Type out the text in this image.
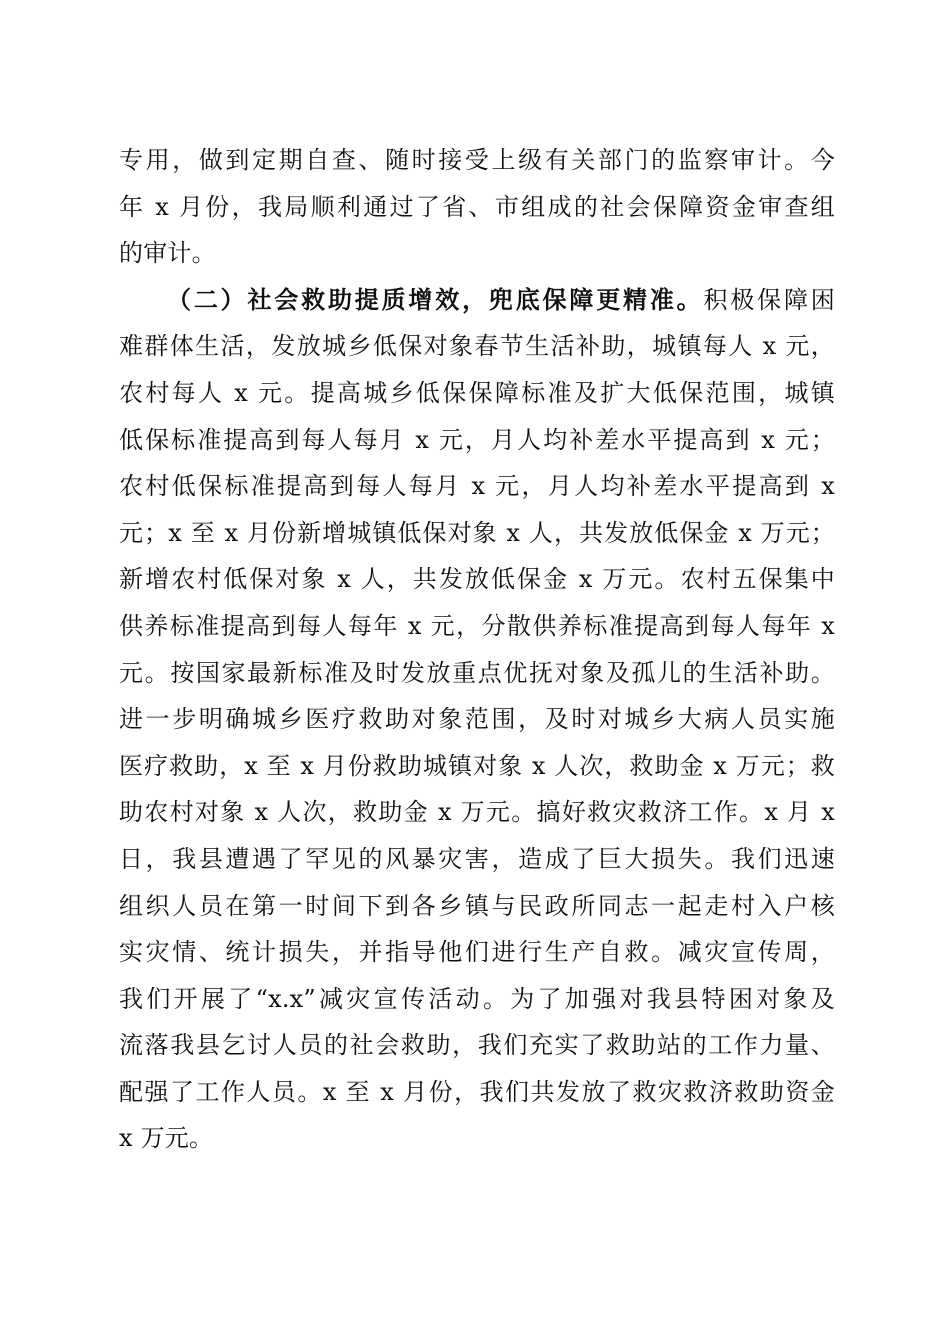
专用，做到定期自查、随时接受上级有关部门的监察审计。今
年 x 月份，我局顺利通过了省、市组成的社会保障资金审查组
的审计。
（二）社会救助提质增效，兜底保障更精准。积极保障困
难群体生活，发放城乡低保对象春节生活补助，城镇每人 x 元，
农村每人 x 元。提高城乡低保保障标准及扩大低保范围，城镇
低保标准提高到每人每月 x 元，月人均补差水平提高到 x 元；
农村低保标准提高到每人每月 x 元，月人均补差水平提高到 x
元；x 至 x 月份新增城镇低保对象 x 人，共发放低保金 x 万元；
新增农村低保对象 x 人，共发放低保金 x 万元。农村五保集中
供养标准提高到每人每年 x 元，分散供养标准提高到每人每年 x
元。按国家最新标准及时发放重点优抚对象及孤儿的生活补助。
进一步明确城乡医疗救助对象范围，及时对城乡大病人员实施
医疗救助，x 至 x 月份救助城镇对象 x 人次，救助金 x 万元；救
助农村对象 x 人次，救助金 x 万元。搞好救灾救济工作。x 月 x
日，我县遭遇了罕见的风暴灾害，造成了巨大损失。我们迅速
组织人员在第一时间下到各乡镇与民政所同志一起走村入户核
实灾情、统计损失，并指导他们进行生产自救。减灾宣传周，
我们开展了“x.x”减灾宣传活动。为了加强对我县特困对象及
流落我县乞讨人员的社会救助，我们充实了救助站的工作力量、
配强了工作人员。x 至 x 月份，我们共发放了救灾救济救助资金
x 万元。
